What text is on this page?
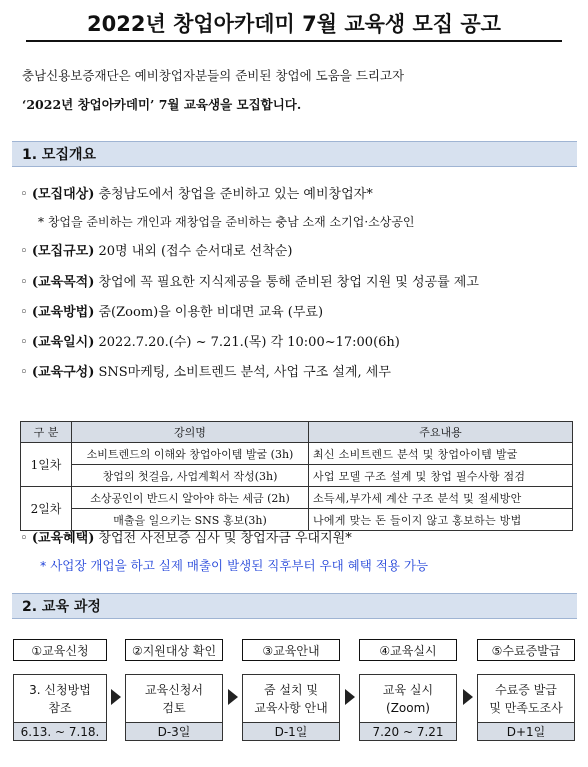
2022년 창업아카데미 7월 교육생 모집 공고
충남신용보증재단은 예비창업자분들의 준비된 창업에 도움을 드리고자
‘2022년 창업아카데미’ 7월 교육생을 모집합니다.
1. 모집개요
◦ (모집대상) 충청남도에서 창업을 준비하고 있는 예비창업자*
* 창업을 준비하는 개인과 재창업을 준비하는 충남 소재 소기업·소상공인
◦ (모집규모) 20명 내외 (접수 순서대로 선착순)
◦ (교육목적) 창업에 꼭 필요한 지식제공을 통해 준비된 창업 지원 및 성공률 제고
◦ (교육방법) 줌(Zoom)을 이용한 비대면 교육 (무료)
◦ (교육일시) 2022.7.20.(수) ~ 7.21.(목) 각 10:00~17:00(6h)
◦ (교육구성) SNS마케팅, 소비트렌드 분석, 사업 구조 설계, 세무
구 분	강의명	주요내용
1일차	소비트렌드의 이해와 창업아이템 발굴 (3h)	최신 소비트렌드 분석 및 창업아이템 발굴
	창업의 첫걸음, 사업계획서 작성(3h)	사업 모델 구조 설계 및 창업 필수사항 점검
2일차	소상공인이 반드시 알아야 하는 세금 (2h)	소득세,부가세 계산 구조 분석 및 절세방안
	매출을 일으키는 SNS 홍보(3h)	나에게 맞는 돈 들이지 않고 홍보하는 방법
◦ (교육혜택) 창업전 사전보증 심사 및 창업자금 우대지원*
* 사업장 개업을 하고 실제 매출이 발생된 직후부터 우대 혜택 적용 가능
2. 교육 과정
①교육신청	②지원대상 확인	③교육안내	④교육실시	⑤수료증발급
3. 신청방법
참조
교육신청서
검토
줌 설치 및
교육사항 안내
교육 실시
(Zoom)
수료증 발급
및 만족도조사
6.13. ~ 7.18.	D-3일	D-1일	7.20 ~ 7.21	D+1일
